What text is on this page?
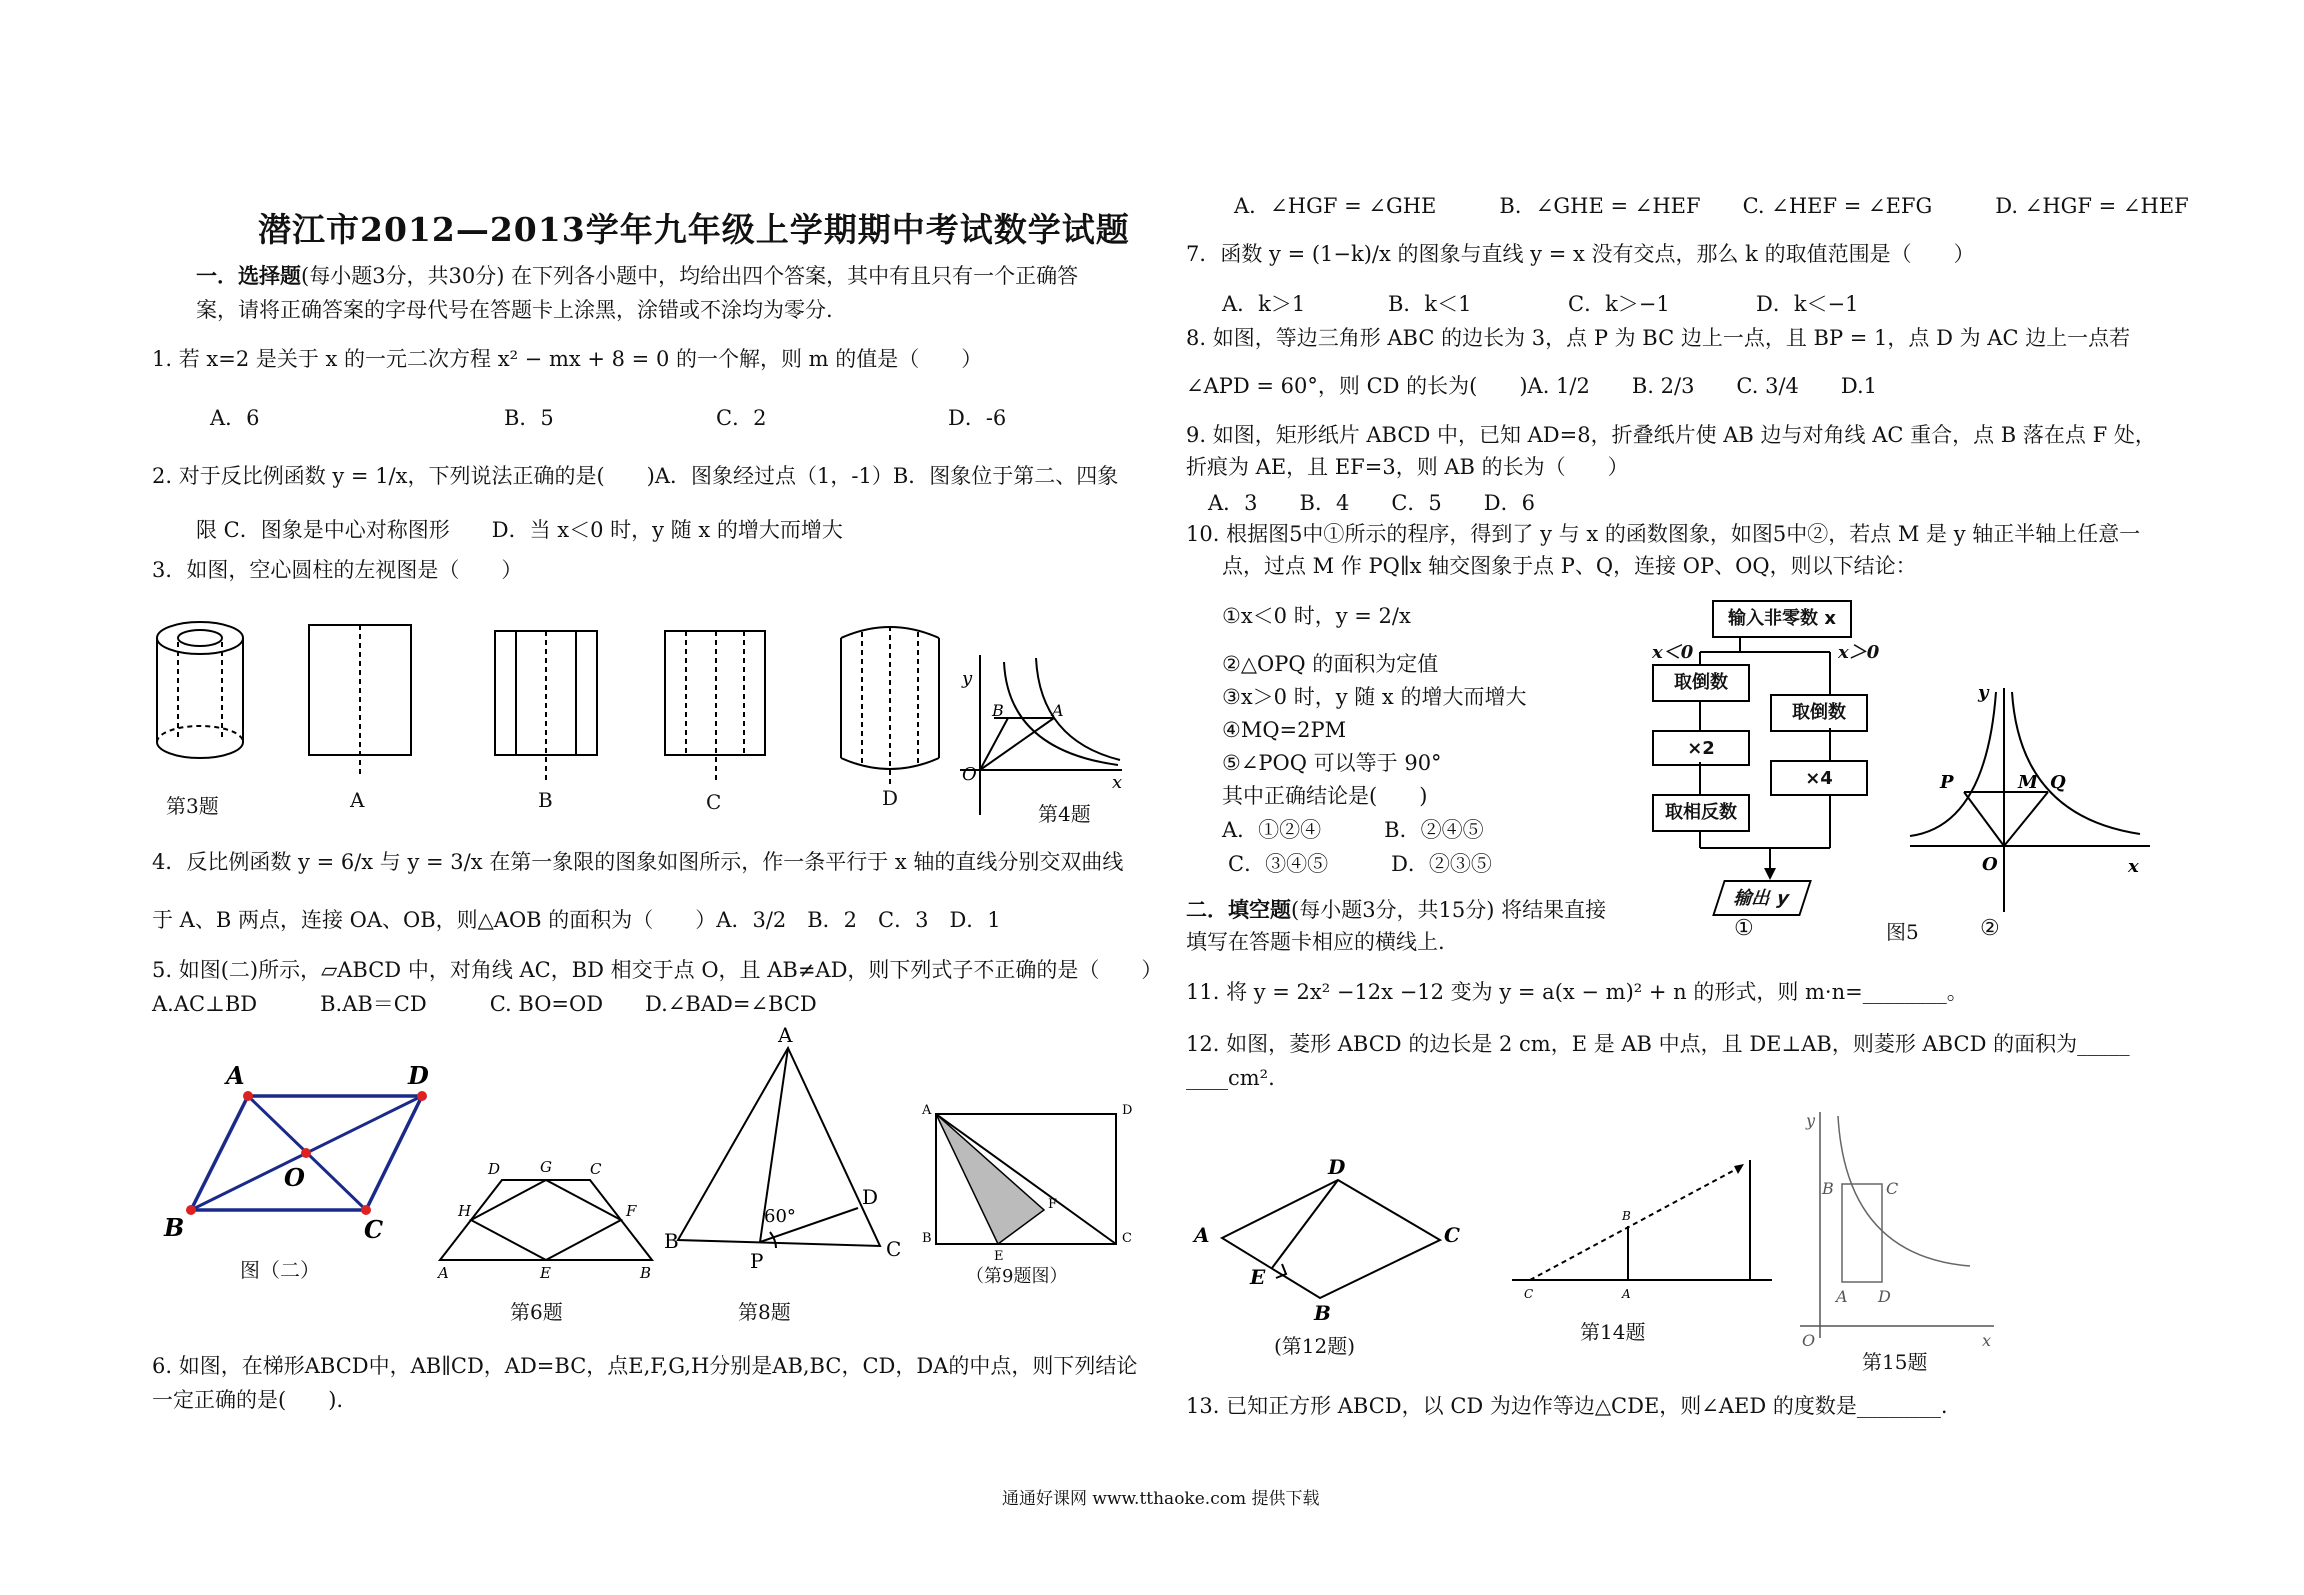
潜江市2012—2013学年九年级上学期期中考试数学试题
一．选择题(每小题3分，共30分) 在下列各小题中，均给出四个答案，其中有且只有一个正确答
案，请将正确答案的字母代号在答题卡上涂黑，涂错或不涂均为零分.
1. 若 x=2 是关于 x 的一元二次方程 x² − mx + 8 = 0 的一个解，则 m 的值是（　　）
A．6	B．5	C．2	D．-6
2. 对于反比例函数 y = 1/x，下列说法正确的是(　　)A．图象经过点（1，-1）B．图象位于第二、四象
限 C．图象是中心对称图形　　D．当 x＜0 时，y 随 x 的增大而增大
3．如图，空心圆柱的左视图是（　　）
y
O	x
B	A
第3题	A	B	C	D
第4题
4．反比例函数 y = 6/x 与 y = 3/x 在第一象限的图象如图所示，作一条平行于 x 轴的直线分别交双曲线
于 A、B 两点，连接 OA、OB，则△AOB 的面积为（　　）A．3/2　B．2　C．3　D．1
5. 如图(二)所示，▱ABCD 中，对角线 AC，BD 相交于点 O，且 AB≠AD，则下列式子不正确的是（　　）
A.AC⊥BD　　　B.AB＝CD　　　C. BO=OD　　D.∠BAD=∠BCD
A	D
B	C
O
图（二）	A	E	B
H	F
D	G	C
第6题
A
B	C
D
P
60°
第8题
A	D
B	C
E
F
（第9题图）
6. 如图，在梯形ABCD中，AB∥CD，AD=BC，点E,F,G,H分别是AB,BC，CD，DA的中点，则下列结论
一定正确的是(　　).
A．∠HGF = ∠GHE　　　B．∠GHE = ∠HEF　　C. ∠HEF = ∠EFG　　　D. ∠HGF = ∠HEF
7．函数 y = (1−k)/x 的图象与直线 y = x 没有交点，那么 k 的取值范围是（　　）
A．k＞1	B．k＜1	C．k＞−1	D．k＜−1
8. 如图，等边三角形 ABC 的边长为 3，点 P 为 BC 边上一点，且 BP = 1，点 D 为 AC 边上一点若
∠APD = 60°，则 CD 的长为(　　)A. 1/2　　B. 2/3　　C. 3/4　　D.1
9. 如图，矩形纸片 ABCD 中，已知 AD=8，折叠纸片使 AB 边与对角线 AC 重合，点 B 落在点 F 处，
折痕为 AE，且 EF=3，则 AB 的长为（　　）
A．3　　B．4　　C．5　　D．6
10. 根据图5中①所示的程序，得到了 y 与 x 的函数图象，如图5中②，若点 M 是 y 轴正半轴上任意一
点，过点 M 作 PQ∥x 轴交图象于点 P、Q，连接 OP、OQ，则以下结论：
①x＜0 时，y = 2/x
②△OPQ 的面积为定值
③x＞0 时，y 随 x 的增大而增大
④MQ=2PM
⑤∠POQ 可以等于 90°
其中正确结论是(　　)
A．①②④　　　B．②④⑤
C．③④⑤　　　D．②③⑤
输入非零数 x
x＜0	x＞0
取倒数
取倒数
×2
×4
取相反数
输出 y
①	图5	②
y
O	x
P	M Q
二．填空题(每小题3分，共15分) 将结果直接
填写在答题卡相应的横线上.
11. 将 y = 2x² −12x −12 变为 y = a(x − m)² + n 的形式，则 m·n=________。
12. 如图，菱形 ABCD 的边长是 2 cm，E 是 AB 中点，且 DE⊥AB，则菱形 ABCD 的面积为_____
____cm².
A
D
C
B
E
(第12题)
C	A
B
第14题
y
B	C
A D
O	x
第15题
13. 已知正方形 ABCD，以 CD 为边作等边△CDE，则∠AED 的度数是________.
通通好课网 www.tthaoke.com 提供下载
